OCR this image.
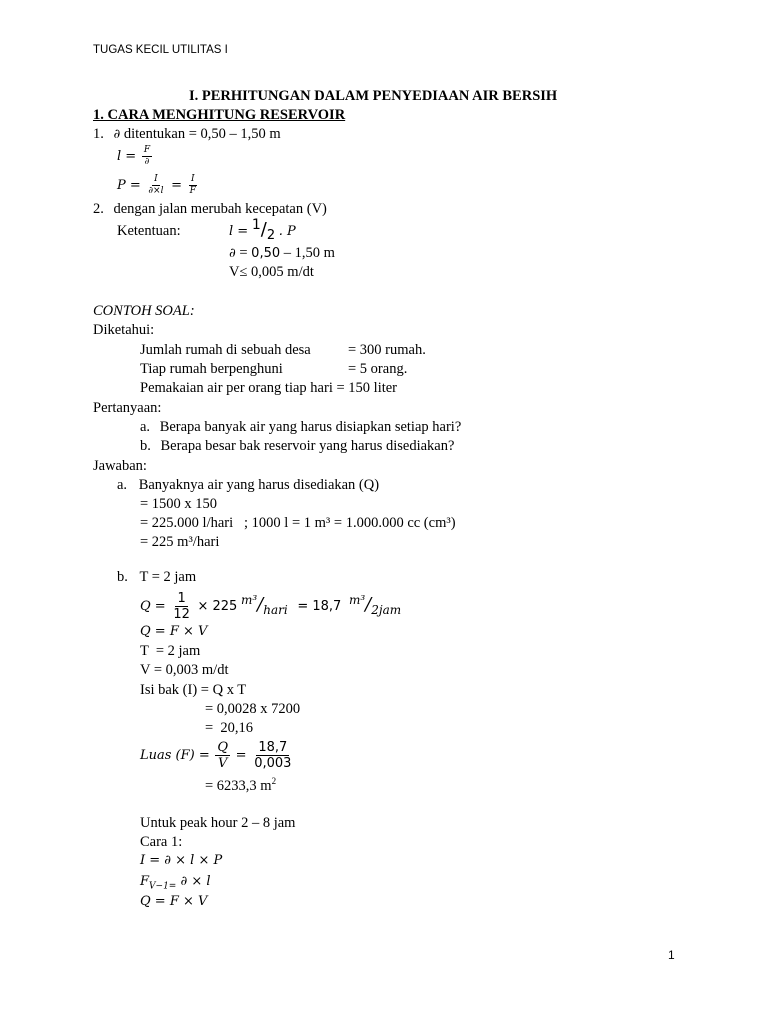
TUGAS KECIL UTILITAS I
I. PERHITUNGAN DALAM PENYEDIAAN AIR BERSIH
1. CARA MENGHITUNG RESERVOIR
1. ∂ ditentukan = 0,50 – 1,50 m
$l = \frac{F}{\partial}$
$P = \frac{I}{\partial\times l} = \frac{I}{F}$
2. dengan jalan merubah kecepatan (V)
Ketentuan:	$l = ^1/_2$ . P
∂ = 0,50 – 1,50 m
V≤ 0,005 m/dt
CONTOH SOAL:
Diketahui:
Jumlah rumah di sebuah desa	= 300 rumah.
Tiap rumah berpenghuni	= 5 orang.
Pemakaian air per orang tiap hari = 150 liter
Pertanyaan:
a. Berapa banyak air yang harus disiapkan setiap hari?
b. Berapa besar bak reservoir yang harus disediakan?
Jawaban:
a. Banyaknya air yang harus disediakan (Q)
= 1500 x 150
= 225.000 l/hari   ; 1000 l = 1 m³ = 1.000.000 cc (cm³)
= 225 m³/hari
b. T = 2 jam
$Q = \frac{1}{12} \times 225$ $^{m^3}/_{hari} = 18,7$ $^{m^3}/_{2jam}$
Q = F × V
T  = 2 jam
V = 0,003 m/dt
Isi bak (I) = Q x T
= 0,0028 x 7200
=  20,16
Luas $(F) = \frac{Q}{V} = \frac{18,7}{0,003}$
= 6233,3 $m^2$
Untuk peak hour 2 – 8 jam
Cara 1:
I = ∂ × l × P
$F_{V-1=}$ ∂ × l
Q = F × V
1
